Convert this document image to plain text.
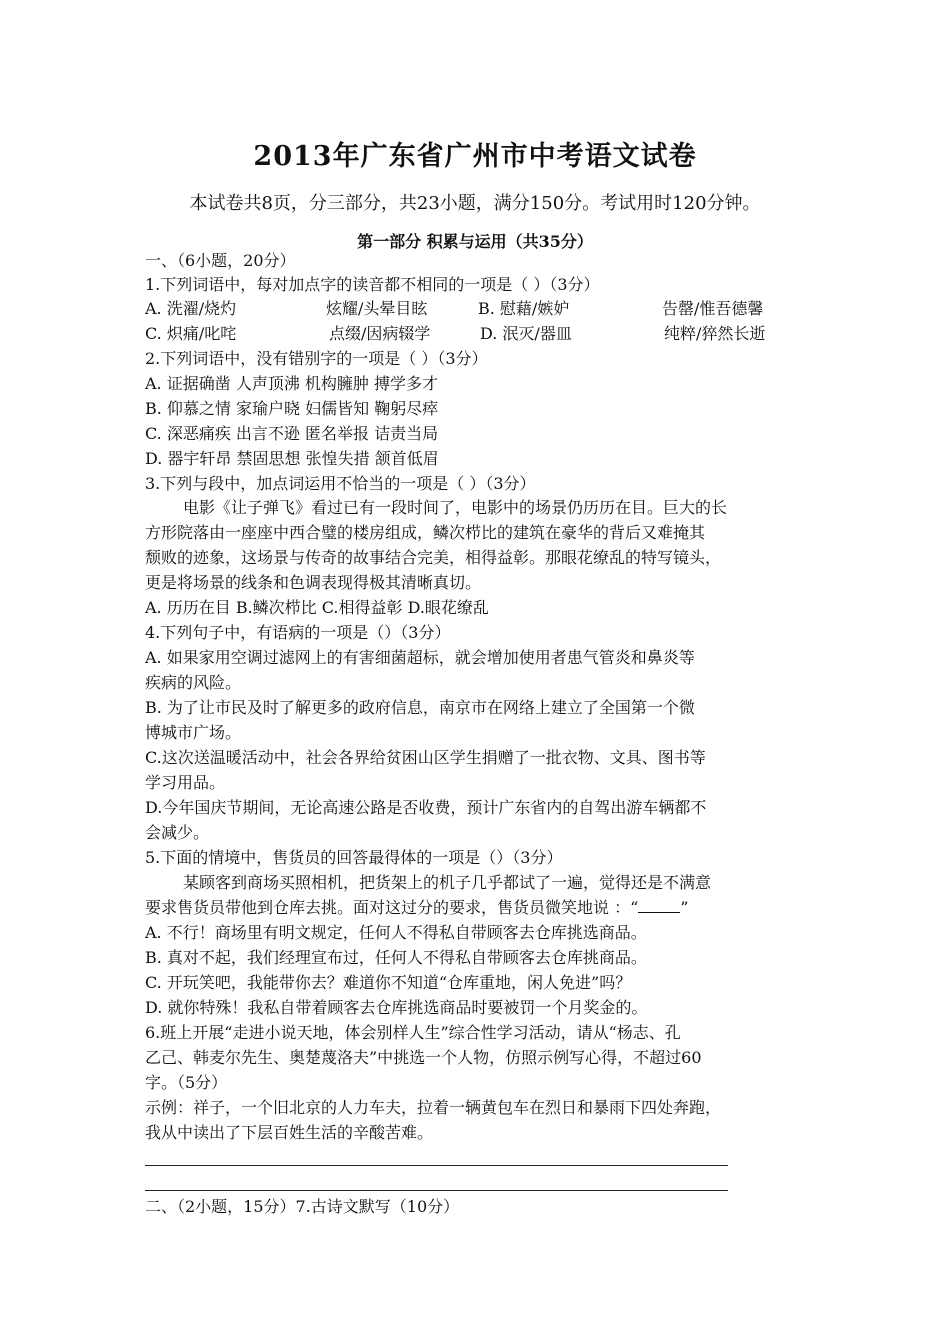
2013年广东省广州市中考语文试卷
本试卷共8页，分三部分，共23小题，满分150分。考试用时120分钟。
第一部分 积累与运用（共35分）
一、（6小题，20分）
1.下列词语中，每对加点字的读音都不相同的一项是（ ）（3分）
A. 洗濯/烧灼	炫耀/头晕目眩	B. 慰藉/嫉妒	告罄/惟吾德馨
C. 炽痛/叱咤	点缀/因病辍学	D. 泯灭/器皿	纯粹/猝然长逝
2.下列词语中，没有错别字的一项是（ ）（3分）
A. 证据确凿 人声顶沸 机构臃肿 搏学多才
B. 仰慕之情 家瑜户晓 妇儒皆知 鞠躬尽瘁
C. 深恶痛疾 出言不逊 匿名举报 诘责当局
D. 器宇轩昂 禁固思想 张惶失措 颔首低眉
3.下列与段中，加点词运用不恰当的一项是（ ）（3分）
电影《让子弹飞》看过已有一段时间了，电影中的场景仍历历在目。巨大的长
方形院落由一座座中西合璧的楼房组成，鳞次栉比的建筑在豪华的背后又难掩其
颓败的迹象，这场景与传奇的故事结合完美，相得益彰。那眼花缭乱的特写镜头，
更是将场景的线条和色调表现得极其清晰真切。
A. 历历在目 B.鳞次栉比 C.相得益彰 D.眼花缭乱
4.下列句子中，有语病的一项是（）（3分）
A. 如果家用空调过滤网上的有害细菌超标，就会增加使用者患气管炎和鼻炎等
疾病的风险。
B. 为了让市民及时了解更多的政府信息，南京市在网络上建立了全国第一个微
博城市广场。
C.这次送温暖活动中，社会各界给贫困山区学生捐赠了一批衣物、文具、图书等
学习用品。
D.今年国庆节期间，无论高速公路是否收费，预计广东省内的自驾出游车辆都不
会减少。
5.下面的情境中，售货员的回答最得体的一项是（）（3分）
某顾客到商场买照相机，把货架上的机子几乎都试了一遍，觉得还是不满意
要求售货员带他到仓库去挑。面对这过分的要求，售货员微笑地说 ：“	”
A. 不行！商场里有明文规定，任何人不得私自带顾客去仓库挑选商品。
B. 真对不起，我们经理宣布过，任何人不得私自带顾客去仓库挑商品。
C. 开玩笑吧，我能带你去？难道你不知道“仓库重地，闲人免进”吗？
D. 就你特殊！我私自带着顾客去仓库挑选商品时要被罚一个月奖金的。
6.班上开展“走进小说天地，体会别样人生”综合性学习活动，请从“杨志、孔
乙己、韩麦尔先生、奥楚蔑洛夫”中挑选一个人物，仿照示例写心得，不超过60
字。（5分）
示例：祥子，一个旧北京的人力车夫，拉着一辆黄包车在烈日和暴雨下四处奔跑，
我从中读出了下层百姓生活的辛酸苦难。
二、（2小题，15分）7.古诗文默写（10分）
